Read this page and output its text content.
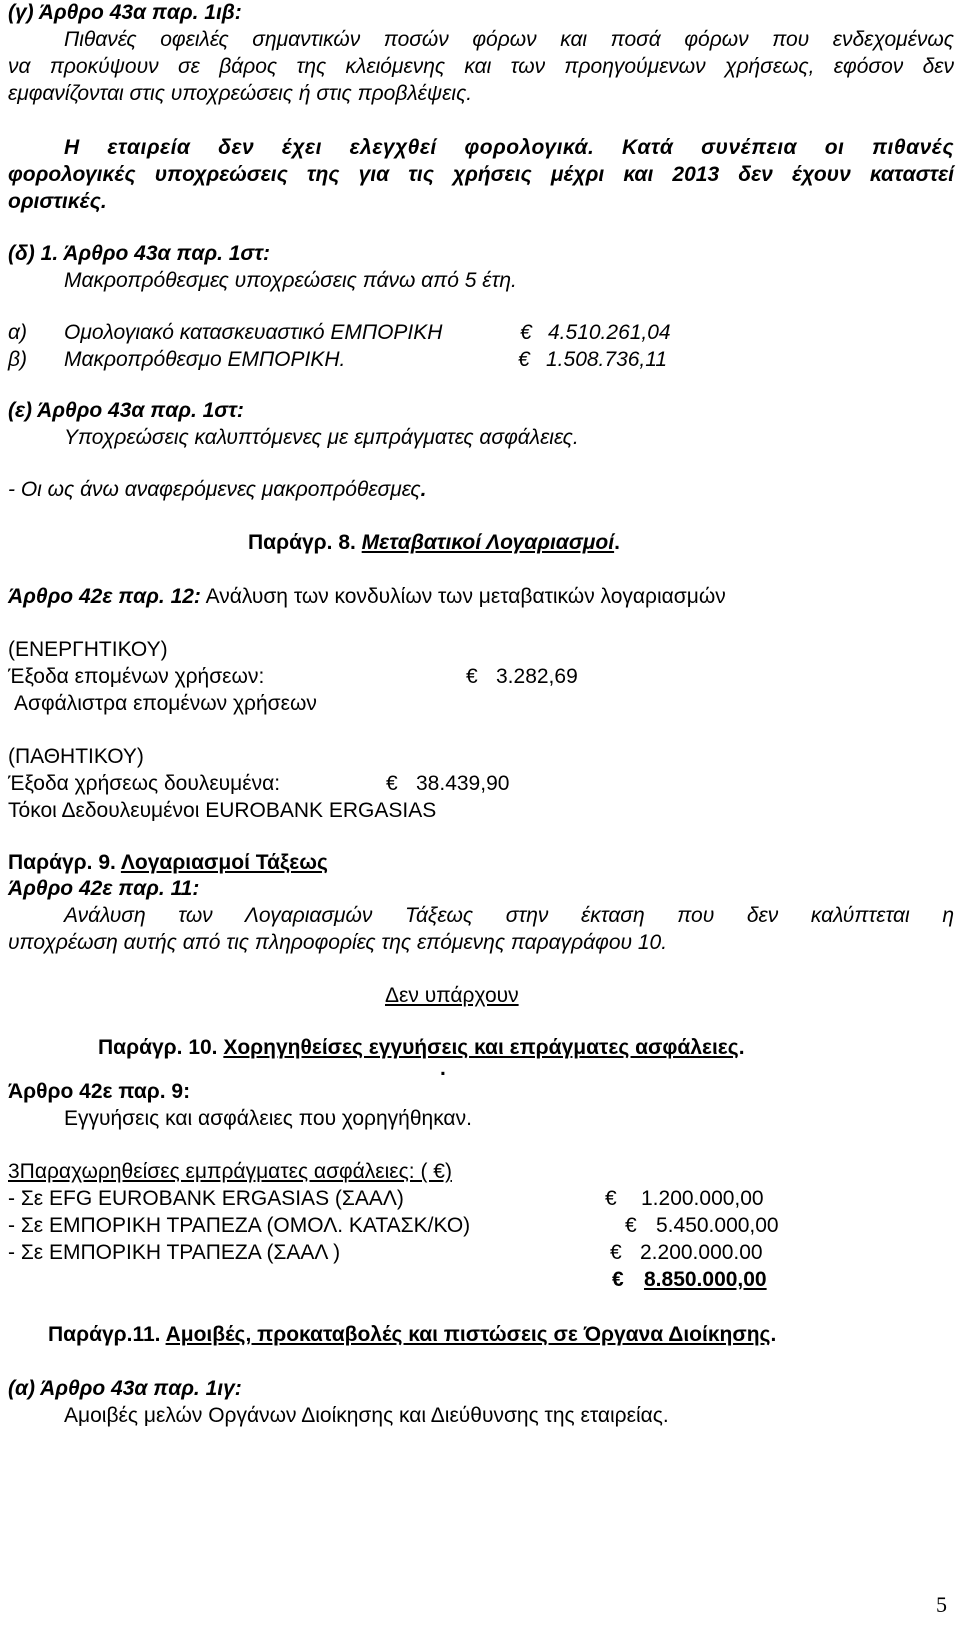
(γ) Άρθρο 43α παρ. 1ιβ:
Πιθανές οφειλές σημαντικών ποσών φόρων και ποσά φόρων που ενδεχομένως
να προκύψουν σε βάρος της κλειόμενης και των προηγούμενων χρήσεως, εφόσον δεν
εμφανίζονται στις υποχρεώσεις ή στις προβλέψεις.
Η εταιρεία δεν έχει ελεγχθεί φορολογικά. Κατά συνέπεια οι πιθανές
φορολογικές υποχρεώσεις της για τις χρήσεις μέχρι και 2013 δεν έχουν καταστεί
οριστικές.
(δ) 1. Άρθρο 43α παρ. 1στ:
Μακροπρόθεσμες υποχρεώσεις πάνω από 5 έτη.
α) Ομολογιακό κατασκευαστικό ΕΜΠΟΡΙΚΗ	€ 4.510.261,04
β) Μακροπρόθεσμο ΕΜΠΟΡΙΚΗ.	€ 1.508.736,11
(ε) Άρθρο 43α παρ. 1στ:
Υποχρεώσεις καλυπτόμενες με εμπράγματες ασφάλειες.
- Οι ως άνω αναφερόμενες μακροπρόθεσμες.
Παράγρ. 8. Μεταβατικοί Λογαριασμοί.
Άρθρο 42ε παρ. 12: Ανάλυση των κονδυλίων των μεταβατικών λογαριασμών
(ΕΝΕΡΓΗΤΙΚΟΥ)
Έξοδα επομένων χρήσεων:	€ 3.282,69
Ασφάλιστρα επομένων χρήσεων
(ΠΑΘΗΤΙΚΟΥ)
Έξοδα χρήσεως δουλευμένα:	€ 38.439,90
Τόκοι Δεδουλευμένοι EUROBANK ERGASIAS
Παράγρ. 9. Λογαριασμοί Τάξεως
Άρθρο 42ε παρ. 11:
Ανάλυση των Λογαριασμών Τάξεως στην έκταση που δεν καλύπτεται η
υποχρέωση αυτής από τις πληροφορίες της επόμενης παραγράφου 10.
Δεν υπάρχουν
Παράγρ. 10. Χορηγηθείσες εγγυήσεις και επράγματες ασφάλειες.
.
Άρθρο 42ε παρ. 9:
Εγγυήσεις και ασφάλειες που χορηγήθηκαν.
3Παραχωρηθείσες εμπράγματες ασφάλειες: ( €)
- Σε EFG EUROBANK ERGASIAS (ΣΑΑΛ)	€ 1.200.000,00
- Σε ΕΜΠΟΡΙΚΗ ΤΡΑΠΕΖΑ (ΟΜΟΛ. ΚΑΤΑΣΚ/ΚΟ)	€ 5.450.000,00
- Σε ΕΜΠΟΡΙΚΗ ΤΡΑΠΕΖΑ (ΣΑΑΛ )	€ 2.200.000.00
€ 8.850.000,00
Παράγρ.11. Αμοιβές, προκαταβολές και πιστώσεις σε Όργανα Διοίκησης.
(α) Άρθρο 43α παρ. 1ιγ:
Αμοιβές μελών Οργάνων Διοίκησης και Διεύθυνσης της εταιρείας.
5
